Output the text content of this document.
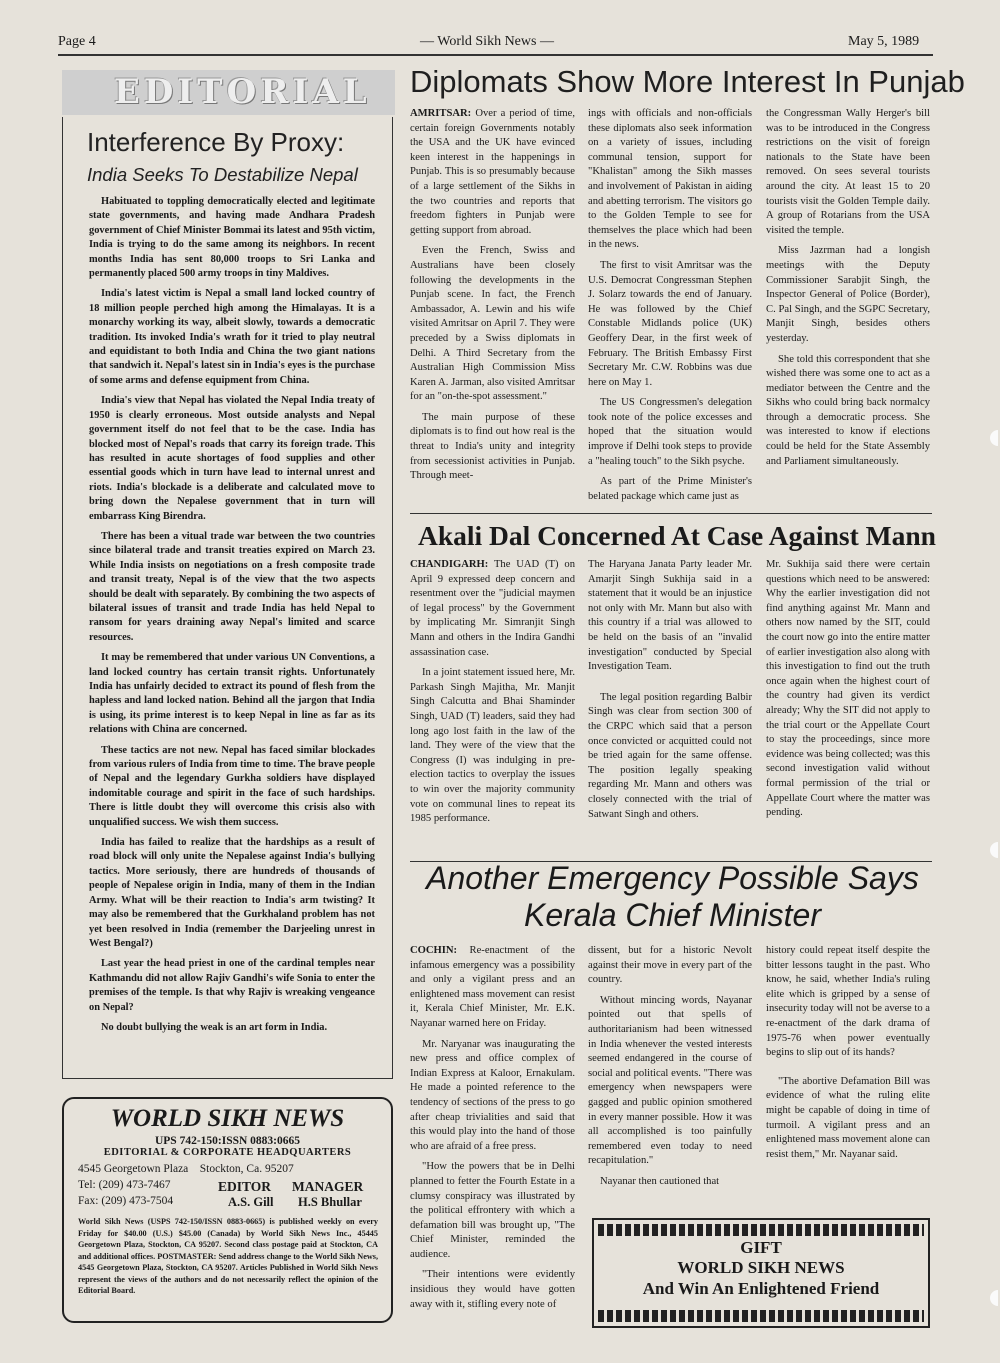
Page 4	— World Sikh News —	May 5, 1989
EDITORIAL
Interference By Proxy:
India Seeks To Destabilize Nepal

Habituated to toppling democratically elected and legitimate state governments, and having made Andhara Pradesh government of Chief Minister Bommai its latest and 95th victim, India is trying to do the same among its neighbors. In recent months India has sent 80,000 troops to Sri Lanka and permanently placed 500 army troops in tiny Maldives.

India's latest victim is Nepal a small land locked country of 18 million people perched high among the Himalayas. It is a monarchy working its way, albeit slowly, towards a democratic tradition. Its invoked India's wrath for it tried to play neutral and equidistant to both India and China the two giant nations that sandwich it. Nepal's latest sin in India's eyes is the purchase of some arms and defense equipment from China.

India's view that Nepal has violated the Nepal India treaty of 1950 is clearly erroneous. Most outside analysts and Nepal government itself do not feel that to be the case. India has blocked most of Nepal's roads that carry its foreign trade. This has resulted in acute shortages of food supplies and other essential goods which in turn have lead to internal unrest and riots. India's blockade is a deliberate and calculated move to bring down the Nepalese government that in turn will embarrass King Birendra.

There has been a vitual trade war between the two countries since bilateral trade and transit treaties expired on March 23. While India insists on negotiations on a fresh composite trade and transit treaty, Nepal is of the view that the two aspects should be dealt with separately. By combining the two aspects of bilateral issues of transit and trade India has held Nepal to ransom for years draining away Nepal's limited and scarce resources.

It may be remembered that under various UN Conventions, a land locked country has certain transit rights. Unfortunately India has unfairly decided to extract its pound of flesh from the hapless and land locked nation. Behind all the jargon that India is using, its prime interest is to keep Nepal in line as far as its relations with China are concerned.

These tactics are not new. Nepal has faced similar blockades from various rulers of India from time to time. The brave people of Nepal and the legendary Gurkha soldiers have displayed indomitable courage and spirit in the face of such hardships. There is little doubt they will overcome this crisis also with unqualified success. We wish them success.

India has failed to realize that the hardships as a result of road block will only unite the Nepalese against India's bullying tactics. More seriously, there are hundreds of thousands of people of Nepalese origin in India, many of them in the Indian Army. What will be their reaction to India's arm twisting? It may also be remembered that the Gurkhaland problem has not yet been resolved in India (remember the Darjeeling unrest in West Bengal?)

Last year the head priest in one of the cardinal temples near Kathmandu did not allow Rajiv Gandhi's wife Sonia to enter the premises of the temple. Is that why Rajiv is wreaking vengeance on Nepal?

No doubt bullying the weak is an art form in India.

WORLD SIKH NEWS
UPS 742-150:ISSN 0883:0665
EDITORIAL & CORPORATE HEADQUARTERS
4545 Georgetown Plaza    Stockton, Ca. 95207
Tel: (209) 473-7467
Fax: (209) 473-7504
EDITOR
A.S. Gill
MANAGER
H.S Bhullar
World Sikh News (USPS 742-150/ISSN 0883-0665) is published weekly on every Friday for $40.00 (U.S.) $45.00 (Canada) by World Sikh News Inc., 45445 Georgetown Plaza, Stockton, CA 95207. Second class postage paid at Stockton, CA and additional offices. POSTMASTER: Send address change to the World Sikh News, 4545 Georgetown Plaza, Stockton, CA 95207. Articles Published in World Sikh News represent the views of the authors and do not necessarily reflect the opinion of the Editorial Board.
Diplomats Show More Interest In Punjab

AMRITSAR: Over a period of time, certain foreign Governments notably the USA and the UK have evinced keen interest in the happenings in Punjab. This is so presumably because of a large settlement of the Sikhs in the two countries and reports that freedom fighters in Punjab were getting support from abroad.

Even the French, Swiss and Australians have been closely following the developments in the Punjab scene. In fact, the French Ambassador, A. Lewin and his wife visited Amritsar on April 7. They were preceded by a Swiss diplomats in Delhi. A Third Secretary from the Australian High Commission Miss Karen A. Jarman, also visited Amritsar for an "on-the-spot assessment."

The main purpose of these diplomats is to find out how real is the threat to India's unity and integrity from secessionist activities in Punjab. Through meet-

ings with officials and non-officials these diplomats also seek information on a variety of issues, including communal tension, support for "Khalistan" among the Sikh masses and involvement of Pakistan in aiding and abetting terrorism. The visitors go to the Golden Temple to see for themselves the place which had been in the news.

The first to visit Amritsar was the U.S. Democrat Congressman Stephen J. Solarz towards the end of January. He was followed by the Chief Constable Midlands police (UK) Geoffery Dear, in the first week of February. The British Embassy First Secretary Mr. C.W. Robbins was due here on May 1.

The US Congressmen's delegation took note of the police excesses and hoped that the situation would improve if Delhi took steps to provide a "healing touch" to the Sikh psyche.

As part of the Prime Minister's belated package which came just as

the Congressman Wally Herger's bill was to be introduced in the Congress restrictions on the visit of foreign nationals to the State have been removed. On sees several tourists around the city. At least 15 to 20 tourists visit the Golden Temple daily. A group of Rotarians from the USA visited the temple.

Miss Jazrman had a longish meetings with the Deputy Commissioner Sarabjit Singh, the Inspector General of Police (Border), C. Pal Singh, and the SGPC Secretary, Manjit Singh, besides others yesterday.

She told this correspondent that she wished there was some one to act as a mediator between the Centre and the Sikhs who could bring back normalcy through a democratic process. She was interested to know if elections could be held for the State Assembly and Parliament simultaneously.

Akali Dal Concerned At Case Against Mann

CHANDIGARH: The UAD (T) on April 9 expressed deep concern and resentment over the "judicial maymen of legal process" by the Government by implicating Mr. Simranjit Singh Mann and others in the Indira Gandhi assassination case.

In a joint statement issued here, Mr. Parkash Singh Majitha, Mr. Manjit Singh Calcutta and Bhai Shaminder Singh, UAD (T) leaders, said they had long ago lost faith in the law of the land. They were of the view that the Congress (I) was indulging in pre-election tactics to overplay the issues to win over the majority community vote on communal lines to repeat its 1985 performance.

The Haryana Janata Party leader Mr. Amarjit Singh Sukhija said in a statement that it would be an injustice not only with Mr. Mann but also with this country if a trial was allowed to be held on the basis of an "invalid investigation" conducted by Special Investigation Team.

The legal position regarding Balbir Singh was clear from section 300 of the CRPC which said that a person once convicted or acquitted could not be tried again for the same offense. The position legally speaking regarding Mr. Mann and others was closely connected with the trial of Satwant Singh and others.

Mr. Sukhija said there were certain questions which need to be answered: Why the earlier investigation did not find anything against Mr. Mann and others now named by the SIT, could the court now go into the entire matter of earlier investigation also along with this investigation to find out the truth once again when the highest court of the country had given its verdict already; Why the SIT did not apply to the trial court or the Appellate Court to stay the proceedings, since more evidence was being collected; was this second investigation valid without formal permission of the trial or Appellate Court where the matter was pending.

Another Emergency Possible Says
Kerala Chief Minister

COCHIN: Re-enactment of the infamous emergency was a possibility and only a vigilant press and an enlightened mass movement can resist it, Kerala Chief Minister, Mr. E.K. Nayanar warned here on Friday.

Mr. Naryanar was inaugurating the new press and office complex of Indian Express at Kaloor, Ernakulam. He made a pointed reference to the tendency of sections of the press to go after cheap trivialities and said that this would play into the hand of those who are afraid of a free press.

"How the powers that be in Delhi planned to fetter the Fourth Estate in a clumsy conspiracy was illustrated by the political effrontery with which a defamation bill was brought up, "The Chief Minister, reminded the audience.

"Their intentions were evidently insidious they would have gotten away with it, stifling every note of

dissent, but for a historic Nevolt against their move in every part of the country.

Without mincing words, Nayanar pointed out that spells of authoritarianism had been witnessed in India whenever the vested interests seemed endangered in the course of social and political events. "There was emergency when newspapers were gagged and public opinion smothered in every manner possible. How it was all accomplished is too painfully remembered even today to need recapitulation."

Nayanar then cautioned that

history could repeat itself despite the bitter lessons taught in the past. Who know, he said, whether India's ruling elite which is gripped by a sense of insecurity today will not be averse to a re-enactment of the dark drama of 1975-76 when power eventually begins to slip out of its hands?

"The abortive Defamation Bill was evidence of what the ruling elite might be capable of doing in time of turmoil. A vigilant press and an enlightened mass movement alone can resist them," Mr. Nayanar said.

GIFT
WORLD SIKH NEWS
And Win An Enlightened Friend
